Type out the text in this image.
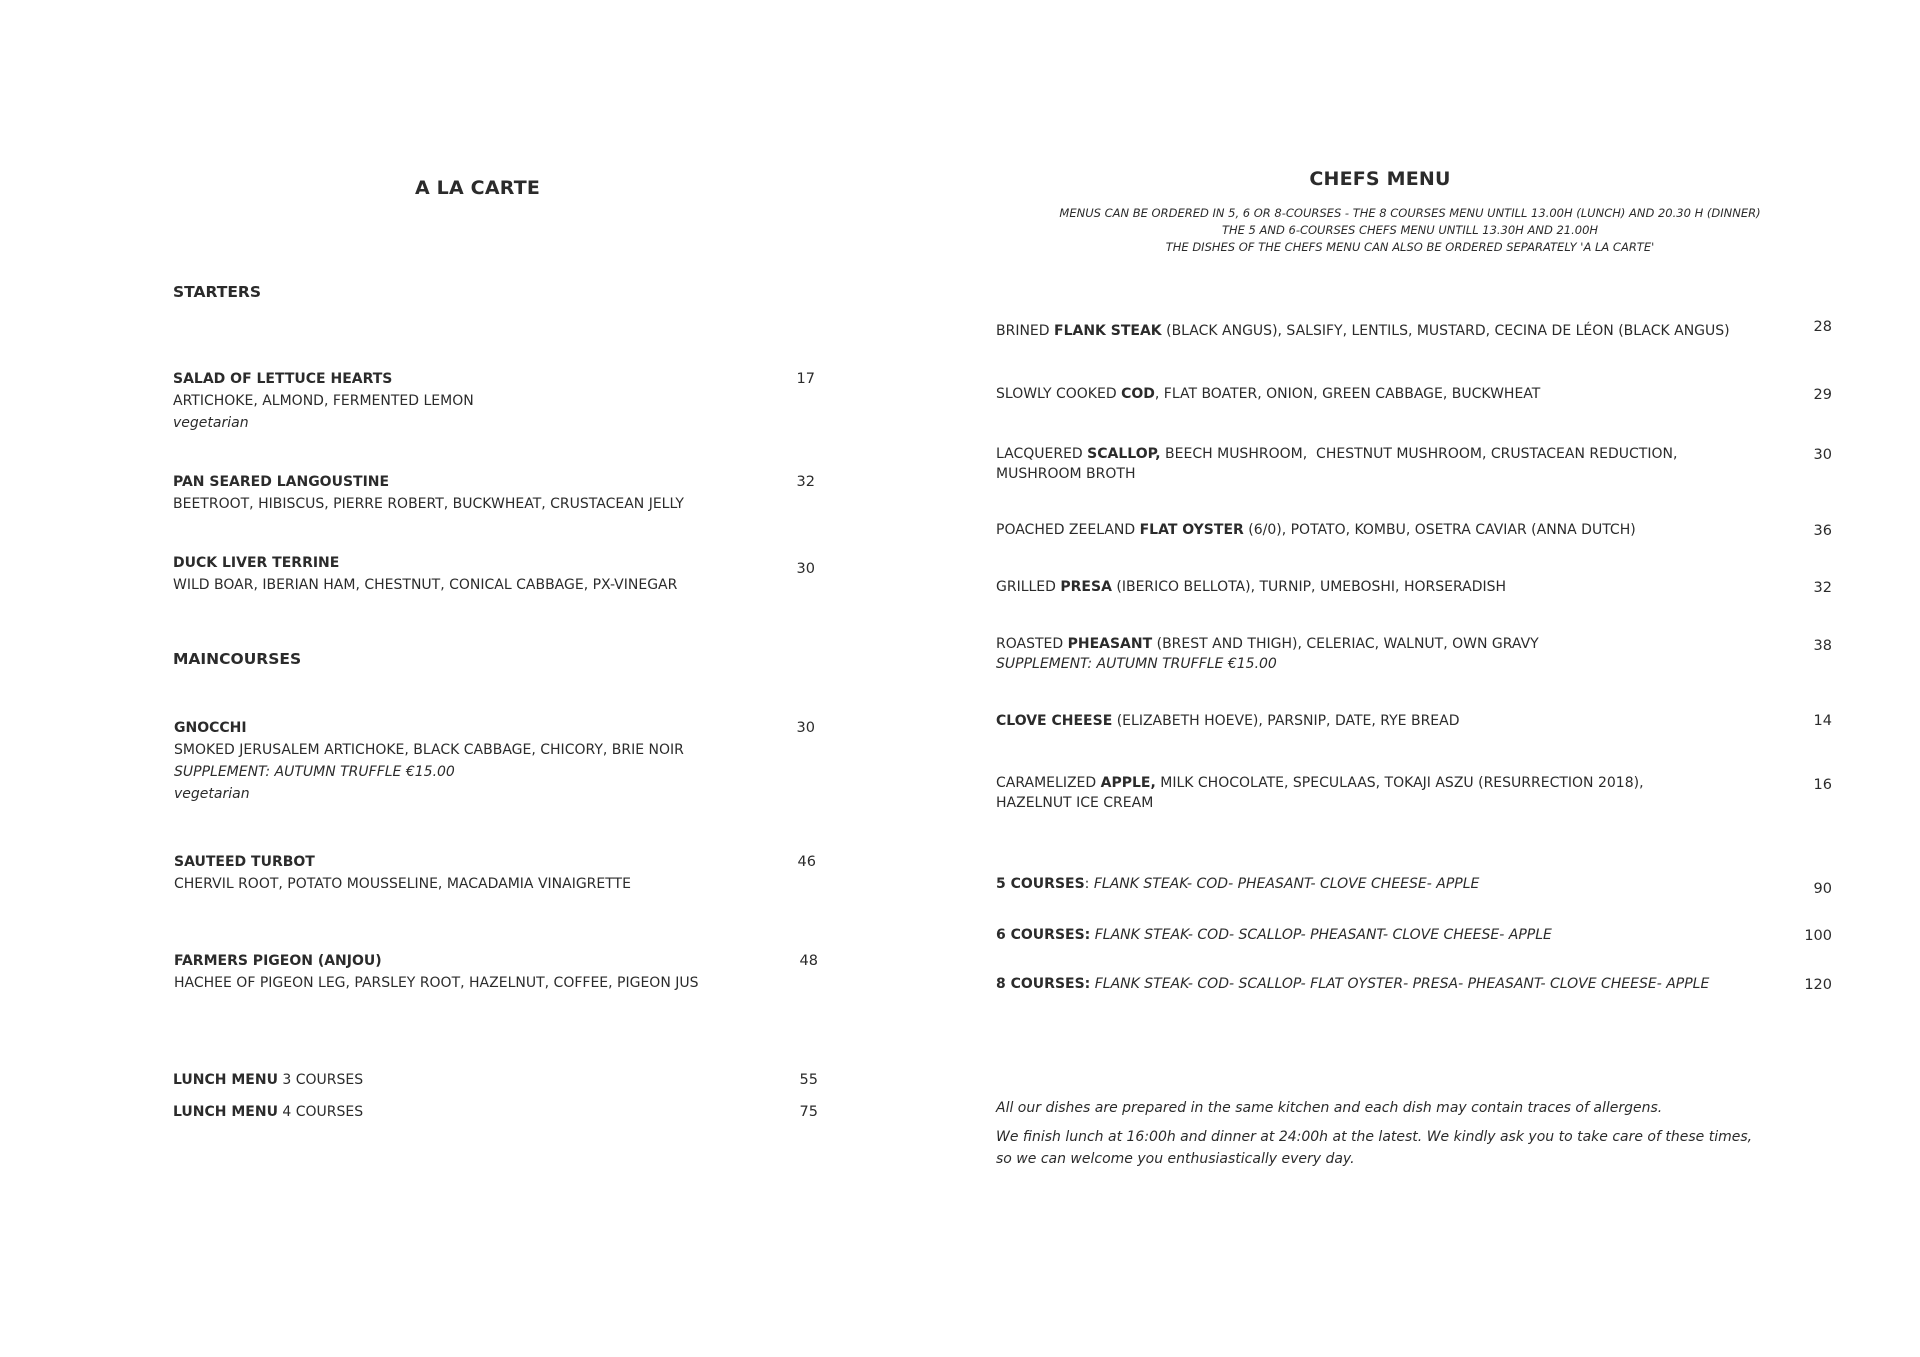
A LA CARTE
STARTERS
SALAD OF LETTUCE HEARTS
ARTICHOKE, ALMOND, FERMENTED LEMON
vegetarian
17
PAN SEARED LANGOUSTINE
BEETROOT, HIBISCUS, PIERRE ROBERT, BUCKWHEAT, CRUSTACEAN JELLY
32
DUCK LIVER TERRINE
WILD BOAR, IBERIAN HAM, CHESTNUT, CONICAL CABBAGE, PX-VINEGAR
30
MAINCOURSES
GNOCCHI
SMOKED JERUSALEM ARTICHOKE, BLACK CABBAGE, CHICORY, BRIE NOIR
SUPPLEMENT: AUTUMN TRUFFLE €15.00
vegetarian
30
SAUTEED TURBOT
CHERVIL ROOT, POTATO MOUSSELINE, MACADAMIA VINAIGRETTE
46
FARMERS PIGEON (ANJOU)
HACHEE OF PIGEON LEG, PARSLEY ROOT, HAZELNUT, COFFEE, PIGEON JUS
48
LUNCH MENU 3 COURSES	55
LUNCH MENU 4 COURSES	75
CHEFS MENU
MENUS CAN BE ORDERED IN 5, 6 OR 8-COURSES - THE 8 COURSES MENU UNTILL 13.00H (LUNCH) AND 20.30 H (DINNER)
THE 5 AND 6-COURSES CHEFS MENU UNTILL 13.30H AND 21.00H
THE DISHES OF THE CHEFS MENU CAN ALSO BE ORDERED SEPARATELY 'A LA CARTE'
BRINED FLANK STEAK (BLACK ANGUS), SALSIFY, LENTILS, MUSTARD, CECINA DE LÉON (BLACK ANGUS)	28
SLOWLY COOKED COD, FLAT BOATER, ONION, GREEN CABBAGE, BUCKWHEAT	29
LACQUERED SCALLOP, BEECH MUSHROOM,  CHESTNUT MUSHROOM, CRUSTACEAN REDUCTION,
MUSHROOM BROTH
30
POACHED ZEELAND FLAT OYSTER (6/0), POTATO, KOMBU, OSETRA CAVIAR (ANNA DUTCH)	36
GRILLED PRESA (IBERICO BELLOTA), TURNIP, UMEBOSHI, HORSERADISH	32
ROASTED PHEASANT (BREST AND THIGH), CELERIAC, WALNUT, OWN GRAVY
SUPPLEMENT: AUTUMN TRUFFLE €15.00
38
CLOVE CHEESE (ELIZABETH HOEVE), PARSNIP, DATE, RYE BREAD	14
CARAMELIZED APPLE, MILK CHOCOLATE, SPECULAAS, TOKAJI ASZU (RESURRECTION 2018),
HAZELNUT ICE CREAM
16
5 COURSES: FLANK STEAK- COD- PHEASANT- CLOVE CHEESE- APPLE	90
6 COURSES: FLANK STEAK- COD- SCALLOP- PHEASANT- CLOVE CHEESE- APPLE	100
8 COURSES: FLANK STEAK- COD- SCALLOP- FLAT OYSTER- PRESA- PHEASANT- CLOVE CHEESE- APPLE	120
All our dishes are prepared in the same kitchen and each dish may contain traces of allergens.
We finish lunch at 16:00h and dinner at 24:00h at the latest. We kindly ask you to take care of these times,
so we can welcome you enthusiastically every day.
